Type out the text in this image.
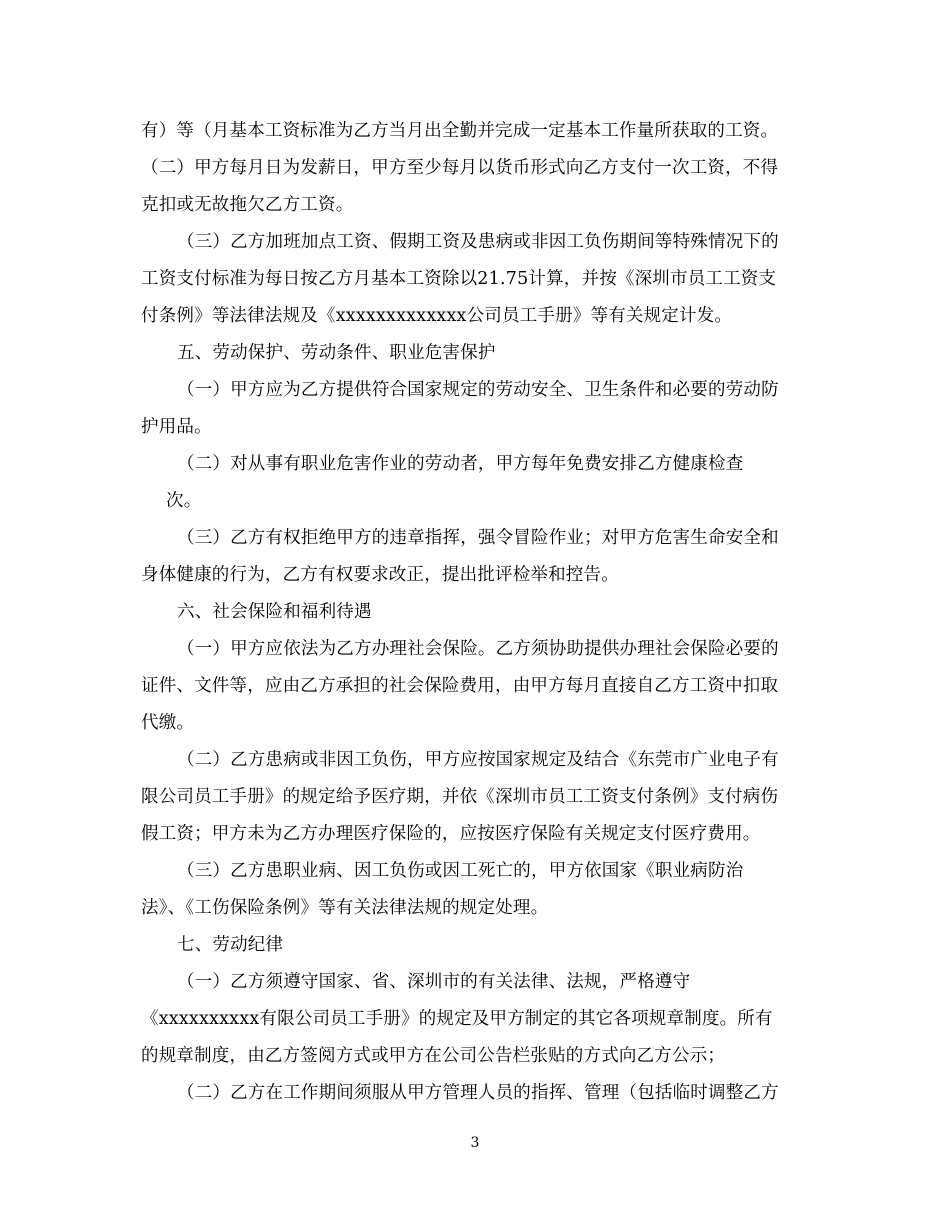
有）等（月基本工资标准为乙方当月出全勤并完成一定基本工作量所获取的工资。
（二）甲方每月日为发薪日，甲方至少每月以货币形式向乙方支付一次工资，不得
克扣或无故拖欠乙方工资。
（三）乙方加班加点工资、假期工资及患病或非因工负伤期间等特殊情况下的
工资支付标准为每日按乙方月基本工资除以21.75计算，并按《深圳市员工工资支
付条例》等法律法规及《xxxxxxxxxxxxx公司员工手册》等有关规定计发。
五、劳动保护、劳动条件、职业危害保护
（一）甲方应为乙方提供符合国家规定的劳动安全、卫生条件和必要的劳动防
护用品。
（二）对从事有职业危害作业的劳动者，甲方每年免费安排乙方健康检查
次。
（三）乙方有权拒绝甲方的违章指挥，强令冒险作业；对甲方危害生命安全和
身体健康的行为，乙方有权要求改正，提出批评检举和控告。
六、社会保险和福利待遇
（一）甲方应依法为乙方办理社会保险。乙方须协助提供办理社会保险必要的
证件、文件等，应由乙方承担的社会保险费用，由甲方每月直接自乙方工资中扣取
代缴。
（二）乙方患病或非因工负伤，甲方应按国家规定及结合《东莞市广业电子有
限公司员工手册》的规定给予医疗期，并依《深圳市员工工资支付条例》支付病伤
假工资；甲方未为乙方办理医疗保险的，应按医疗保险有关规定支付医疗费用。
（三）乙方患职业病、因工负伤或因工死亡的，甲方依国家《职业病防治
法》、《工伤保险条例》等有关法律法规的规定处理。
七、劳动纪律
（一）乙方须遵守国家、省、深圳市的有关法律、法规，严格遵守
《xxxxxxxxxx有限公司员工手册》的规定及甲方制定的其它各项规章制度。所有
的规章制度，由乙方签阅方式或甲方在公司公告栏张贴的方式向乙方公示；
（二）乙方在工作期间须服从甲方管理人员的指挥、管理（包括临时调整乙方
3
